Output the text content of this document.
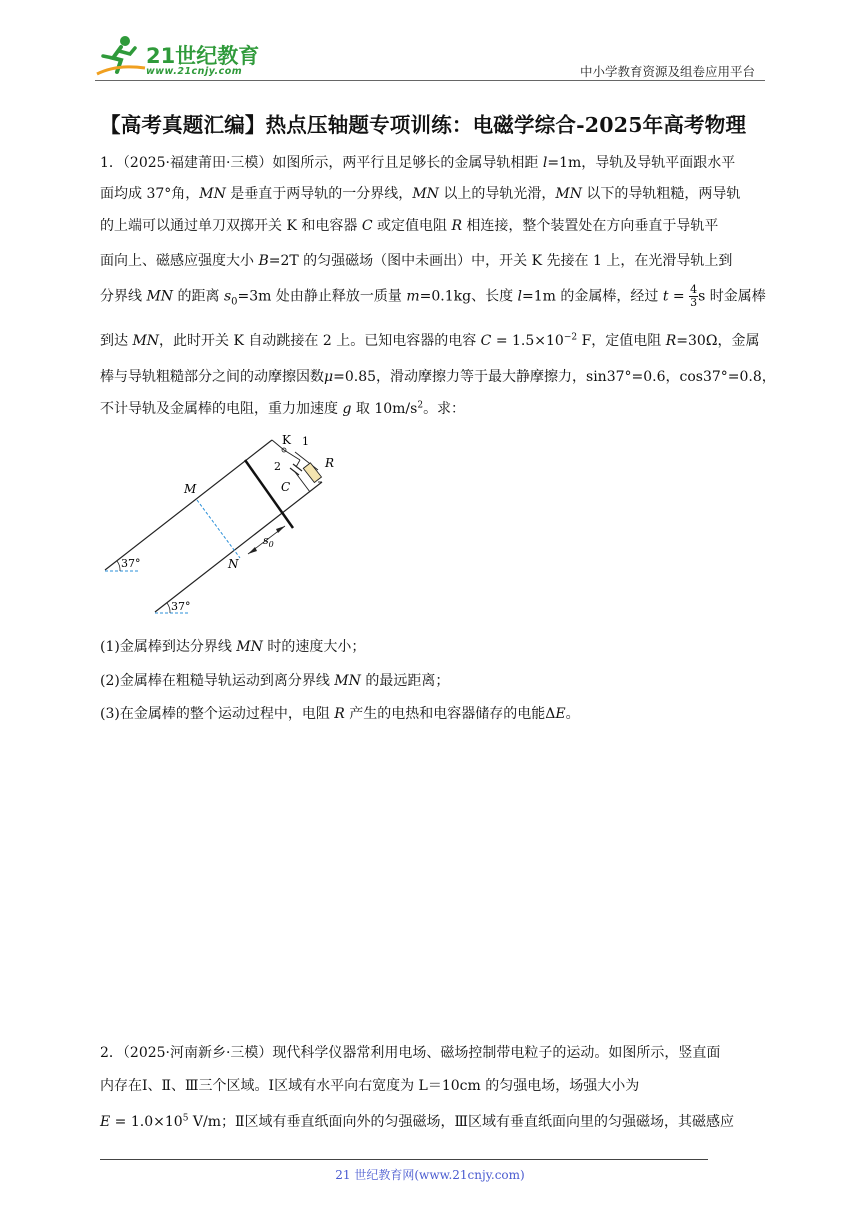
21世纪教育
www.21cnjy.com	中小学教育资源及组卷应用平台
【高考真题汇编】热点压轴题专项训练：电磁学综合-2025年高考物理
1．（2025·福建莆田·三模）如图所示，两平行且足够长的金属导轨相距 l=1m，导轨及导轨平面跟水平
面均成 37°角，MN 是垂直于两导轨的一分界线，MN 以上的导轨光滑，MN 以下的导轨粗糙，两导轨
的上端可以通过单刀双掷开关 K 和电容器 C 或定值电阻 R 相连接，整个装置处在方向垂直于导轨平
面向上、磁感应强度大小 B=2T 的匀强磁场（图中未画出）中，开关 K 先接在 1 上，在光滑导轨上到
分界线 MN 的距离 $s_0=3m$ 处由静止释放一质量 m=0.1kg、长度 l=1m 的金属棒，经过 $t = \frac{4}{3}$ s 时金属棒
到达 MN，此时开关 K 自动跳接在 2 上。已知电容器的电容 $C = 1.5\times 10^{-2}$ F，定值电阻 R=30Ω，金属
棒与导轨粗糙部分之间的动摩擦因数μ=0.85，滑动摩擦力等于最大静摩擦力，sin37°=0.6，cos37°=0.8，
不计导轨及金属棒的电阻，重力加速度 g 取 $10m/s^2$。求：
K 1
2	R
C
M
N
$s_0$
37°
37°
(1)金属棒到达分界线 MN 时的速度大小；
(2)金属棒在粗糙导轨运动到离分界线 MN 的最远距离；
(3)在金属棒的整个运动过程中，电阻 R 产生的电热和电容器储存的电能ΔE。
2．（2025·河南新乡·三模）现代科学仪器常利用电场、磁场控制带电粒子的运动。如图所示，竖直面
内存在Ⅰ、Ⅱ、Ⅲ三个区域。Ⅰ区域有水平向右宽度为 L＝10cm 的匀强电场，场强大小为
$E = 1.0\times 10^5$ V/m；Ⅱ区域有垂直纸面向外的匀强磁场，Ⅲ区域有垂直纸面向里的匀强磁场，其磁感应
21 世纪教育网(www.21cnjy.com)
